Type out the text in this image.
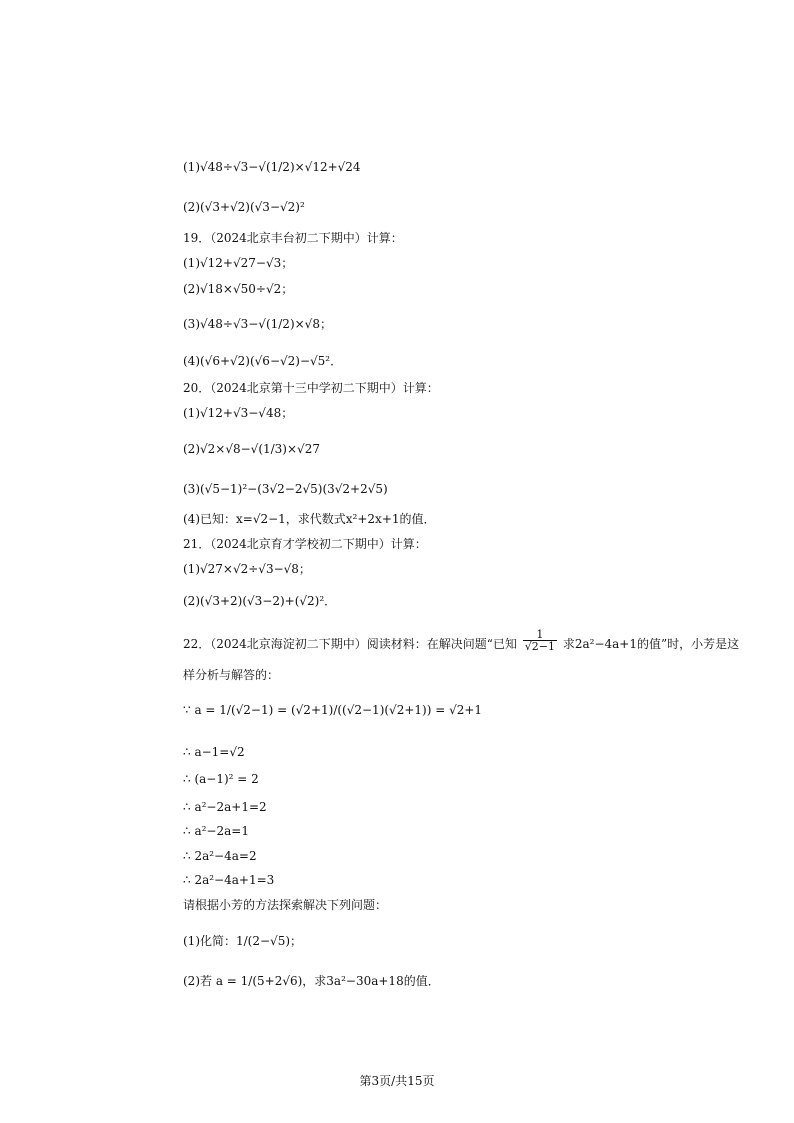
(1)√48÷√3−√(1/2)×√12+√24
(2)(√3+√2)(√3−√2)²
19．（2024北京丰台初二下期中）计算：
(1)√12+√27−√3；
(2)√18×√50÷√2；
(3)√48÷√3−√(1/2)×√8；
(4)(√6+√2)(√6−√2)−√5²．
20．（2024北京第十三中学初二下期中）计算：
(1)√12+√3−√48；
(2)√2×√8−√(1/3)×√27
(3)(√5−1)²−(3√2−2√5)(3√2+2√5)
(4)已知：x=√2−1，求代数式x²+2x+1的值．
21．（2024北京育才学校初二下期中）计算：
(1)√27×√2÷√3−√8；
(2)(√3+2)(√3−2)+(√2)²．
22．（2024北京海淀初二下期中）阅读材料：在解决问题“已知 $\frac{1}{√2-1}$ 求2a²−4a+1的值”时，小芳是这
样分析与解答的：
∵ a = 1/(√2−1) = (√2+1)/((√2−1)(√2+1)) = √2+1
∴ a−1=√2
∴ (a−1)² = 2
∴ a²−2a+1=2
∴ a²−2a=1
∴ 2a²−4a=2
∴ 2a²−4a+1=3
请根据小芳的方法探索解决下列问题：
(1)化简：1/(2−√5)；
(2)若 a = 1/(5+2√6)，求3a²−30a+18的值．
第3页/共15页
